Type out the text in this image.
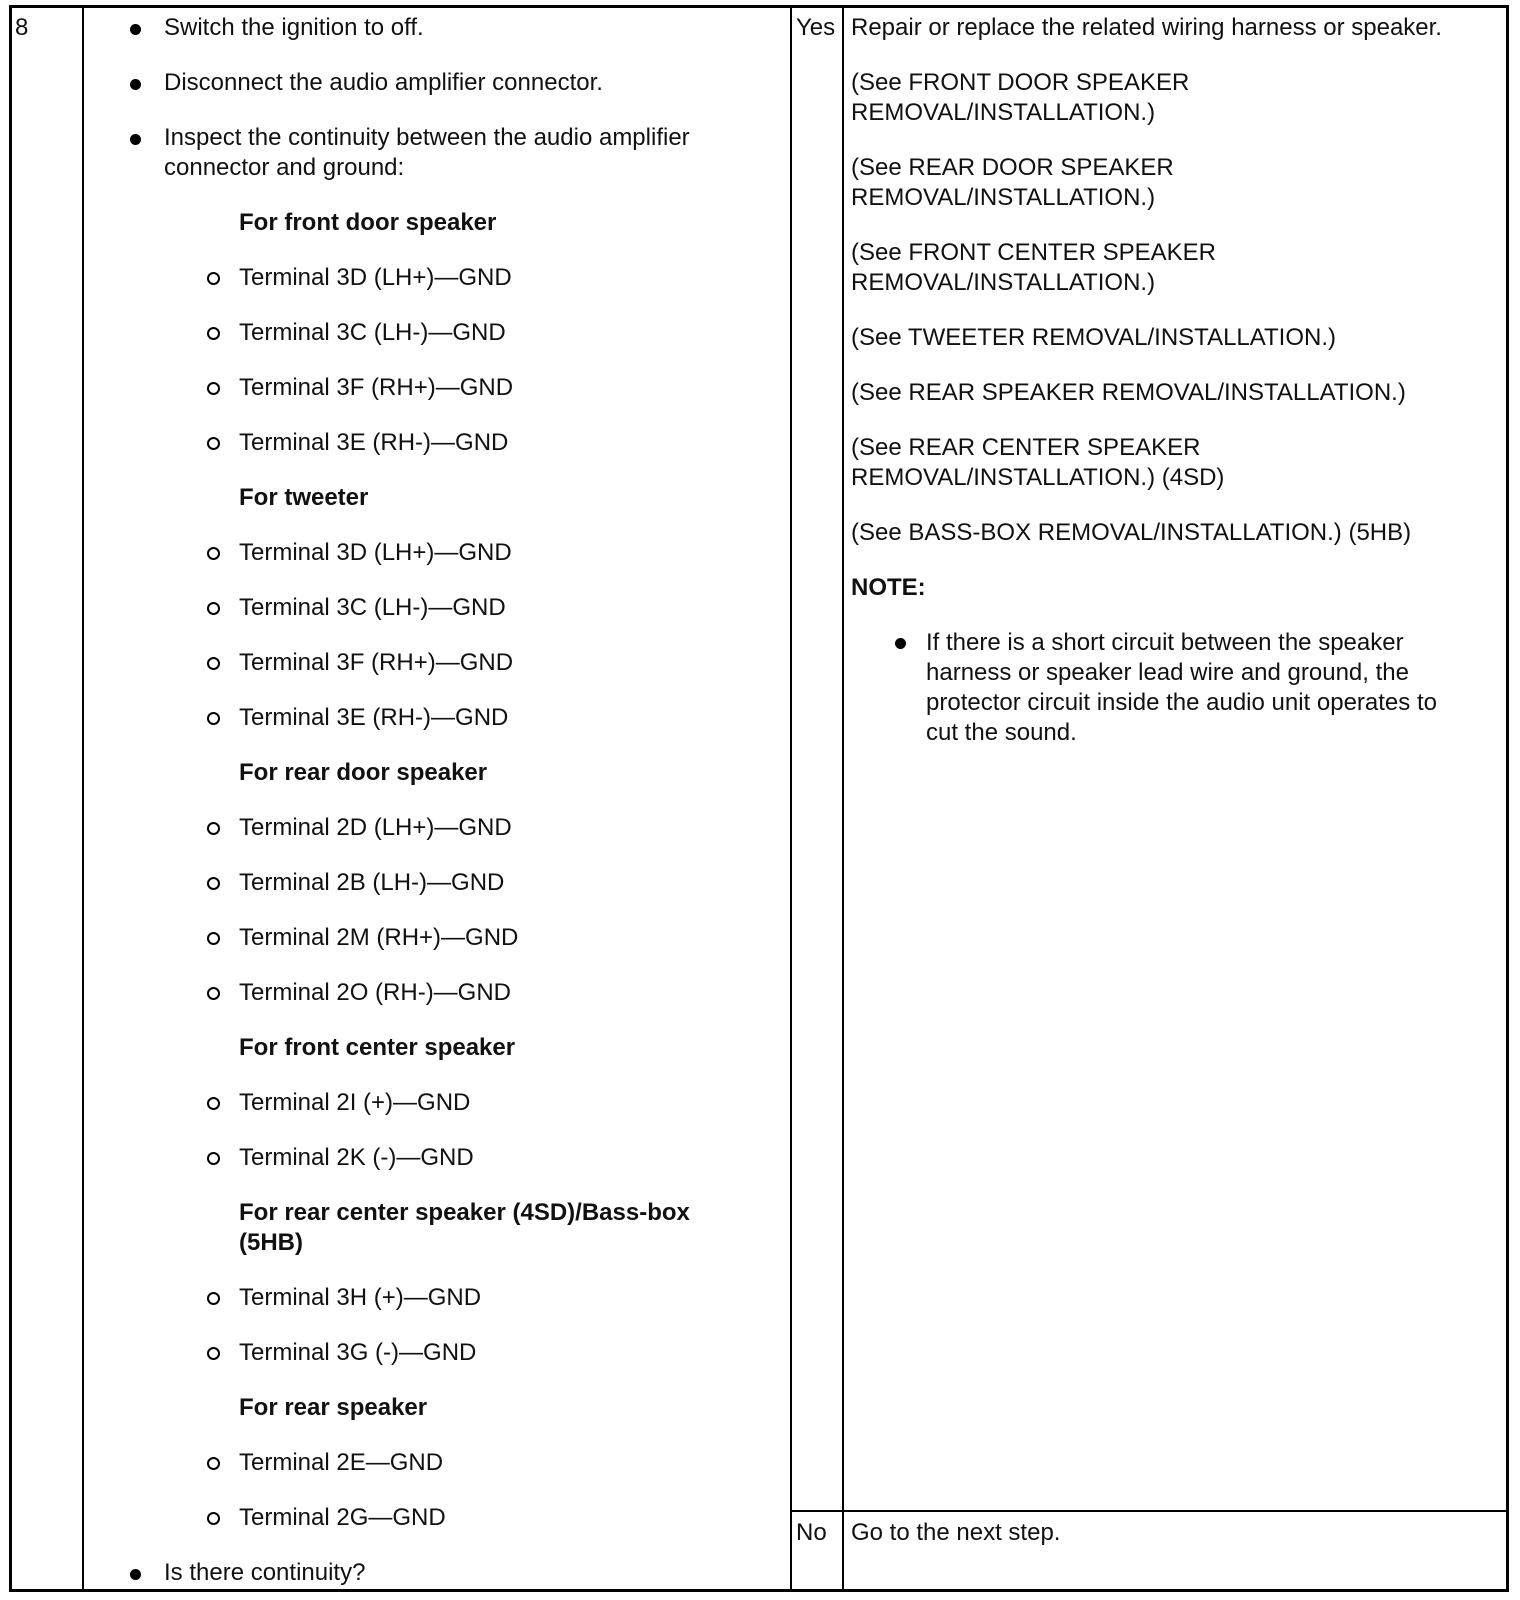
8	Switch the ignition to off.
Disconnect the audio amplifier connector.
Inspect the continuity between the audio amplifier
connector and ground:
For front door speaker
Terminal 3D (LH+)—GND
Terminal 3C (LH-)—GND
Terminal 3F (RH+)—GND
Terminal 3E (RH-)—GND
For tweeter
Terminal 3D (LH+)—GND
Terminal 3C (LH-)—GND
Terminal 3F (RH+)—GND
Terminal 3E (RH-)—GND
For rear door speaker
Terminal 2D (LH+)—GND
Terminal 2B (LH-)—GND
Terminal 2M (RH+)—GND
Terminal 2O (RH-)—GND
For front center speaker
Terminal 2I (+)—GND
Terminal 2K (-)—GND
For rear center speaker (4SD)/Bass-box
(5HB)
Terminal 3H (+)—GND
Terminal 3G (-)—GND
For rear speaker
Terminal 2E—GND
Terminal 2G—GND
Is there continuity?
Yes
No
Repair or replace the related wiring harness or speaker.
(See FRONT DOOR SPEAKER
REMOVAL/INSTALLATION.)
(See REAR DOOR SPEAKER
REMOVAL/INSTALLATION.)
(See FRONT CENTER SPEAKER
REMOVAL/INSTALLATION.)
(See TWEETER REMOVAL/INSTALLATION.)
(See REAR SPEAKER REMOVAL/INSTALLATION.)
(See REAR CENTER SPEAKER
REMOVAL/INSTALLATION.) (4SD)
(See BASS-BOX REMOVAL/INSTALLATION.) (5HB)
NOTE:
If there is a short circuit between the speaker
harness or speaker lead wire and ground, the
protector circuit inside the audio unit operates to
cut the sound.
Go to the next step.
